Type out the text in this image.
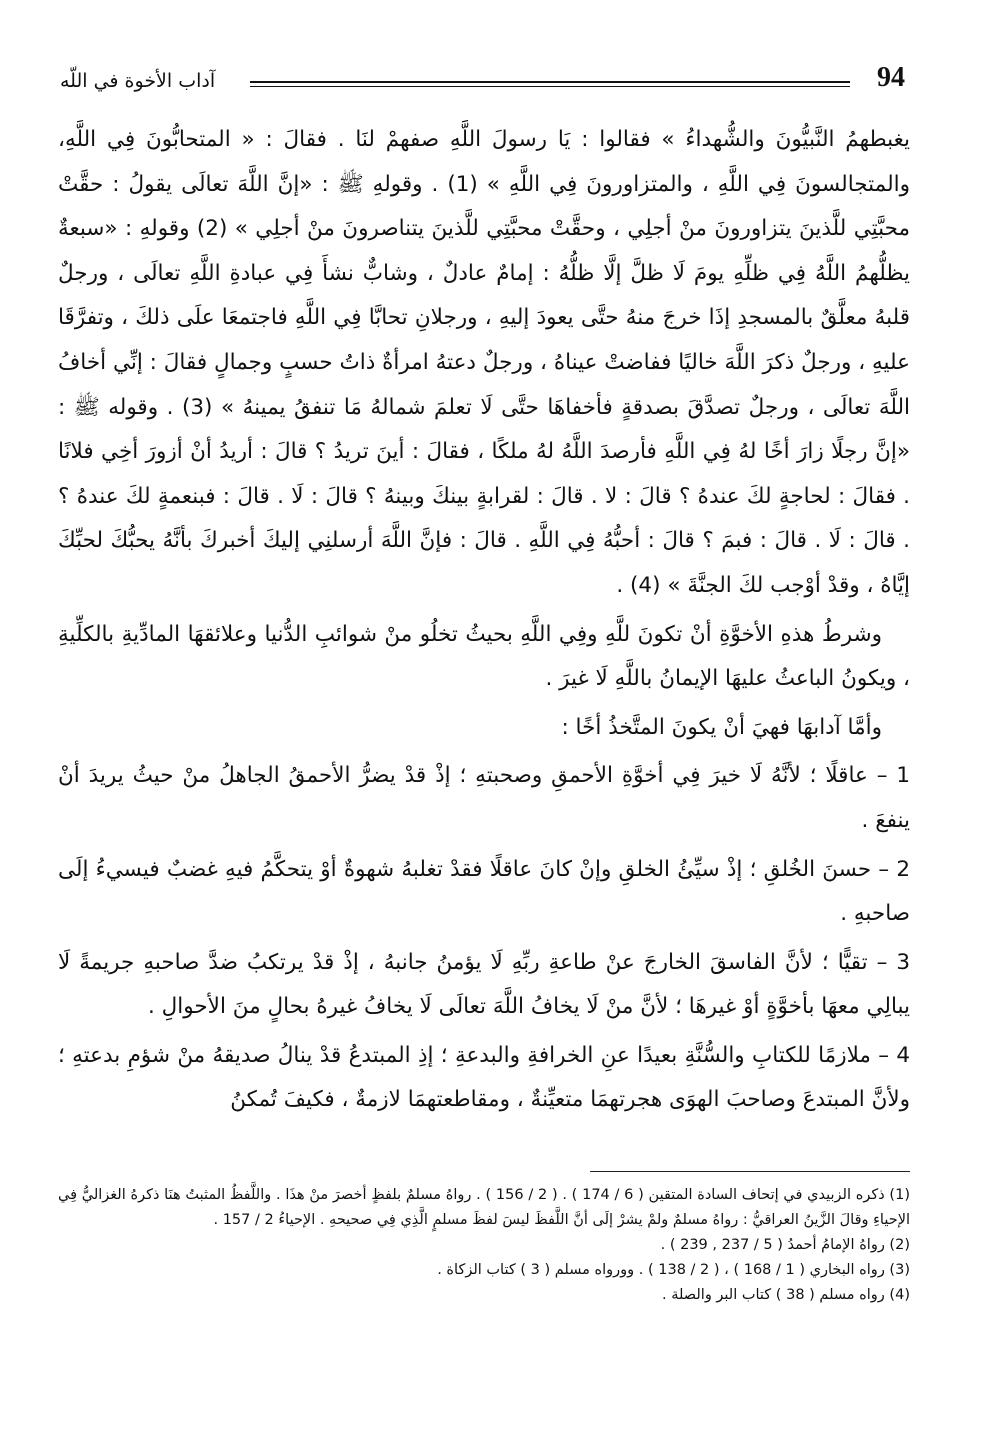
94
آداب الأخوة في اللّه

يغبطهمُ النَّبيُّونَ والشُّهداءُ » فقالوا : يَا رسولَ اللَّهِ صفهمْ لنَا . فقالَ : « المتحابُّونَ فِي اللَّهِ، والمتجالسونَ فِي اللَّهِ ، والمتزاورونَ فِي اللَّهِ » (1) . وقولهِ ﷺ : «إنَّ اللَّهَ تعالَى يقولُ : حقَّتْ محبَّتِي للَّذينَ يتزاورونَ منْ أجلِي ، وحقَّتْ محبَّتِي للَّذينَ يتناصرونَ منْ أجلِي » (2) وقولهِ : «سبعةٌ يظلُّهمُ اللَّهُ فِي ظلِّهِ يومَ لَا ظلَّ إلَّا ظلُّهُ : إمامٌ عادلٌ ، وشابٌّ نشأَ فِي عبادةِ اللَّهِ تعالَى ، ورجلٌ قلبهُ معلَّقٌ بالمسجدِ إذَا خرجَ منهُ حتَّى يعودَ إليهِ ، ورجلانِ تحابَّا فِي اللَّهِ فاجتمعَا علَى ذلكَ ، وتفرَّقَا عليهِ ، ورجلٌ ذكرَ اللَّهَ خاليًا ففاضتْ عيناهُ ، ورجلٌ دعتهُ امرأةٌ ذاتُ حسبٍ وجمالٍ فقالَ : إنِّي أخافُ اللَّهَ تعالَى ، ورجلٌ تصدَّقَ بصدقةٍ فأخفاهَا حتَّى لَا تعلمَ شمالهُ مَا تنفقُ يمينهُ » (3) . وقوله ﷺ : «إنَّ رجلًا زارَ أخًا لهُ فِي اللَّهِ فأرصدَ اللَّهُ لهُ ملكًا ، فقالَ : أينَ تريدُ ؟ قالَ : أريدُ أنْ أزورَ أخِي فلانًا . فقالَ : لحاجةٍ لكَ عندهُ ؟ قالَ : لا . قالَ : لقرابةٍ بينكَ وبينهُ ؟ قالَ : لَا . قالَ : فبنعمةٍ لكَ عندهُ ؟ . قالَ : لَا . قالَ : فبمَ ؟ قالَ : أحبُّهُ فِي اللَّهِ . قالَ : فإنَّ اللَّهَ أرسلنِي إليكَ أخبركَ بأنَّهُ يحبُّكَ لحبِّكَ إيَّاهُ ، وقدْ أوْجب لكَ الجنَّةَ » (4) .

وشرطُ هذهِ الأخوَّةِ أنْ تكونَ للَّهِ وفِي اللَّهِ بحيثُ تخلُو منْ شوائبِ الدُّنيا وعلائقهَا المادِّيةِ بالكلِّيةِ ، ويكونُ الباعثُ عليهَا الإيمانُ باللَّهِ لَا غيرَ .

وأمَّا آدابهَا فهيَ أنْ يكونَ المتَّخذُ أخًا :

1 – عاقلًا ؛ لأنَّهُ لَا خيرَ فِي أخوَّةِ الأحمقِ وصحبتهِ ؛ إذْ قدْ يضرُّ الأحمقُ الجاهلُ منْ حيثُ يريدَ أنْ ينفعَ .

2 – حسنَ الخُلقِ ؛ إذْ سيِّئُ الخلقِ وإنْ كانَ عاقلًا فقدْ تغلبهُ شهوةٌ أوْ يتحكَّمُ فيهِ غضبٌ فيسيءُ إلَى صاحبهِ .

3 – تقيًّا ؛ لأنَّ الفاسقَ الخارجَ عنْ طاعةِ ربِّهِ لَا يؤمنُ جانبهُ ، إذْ قدْ يرتكبُ ضدَّ صاحبهِ جريمةً لَا يبالِي معهَا بأخوَّةٍ أوْ غيرهَا ؛ لأنَّ منْ لَا يخافُ اللَّهَ تعالَى لَا يخافُ غيرهُ بحالٍ منَ الأحوالِ .

4 – ملازمًا للكتابِ والسُّنَّةِ بعيدًا عنِ الخرافةِ والبدعةِ ؛ إذِ المبتدعُ قدْ ينالُ صديقهُ منْ شؤمِ بدعتهِ ؛ ولأنَّ المبتدعَ وصاحبَ الهوَى هجرتهمَا متعيِّنةٌ ، ومقاطعتهمَا لازمةٌ ، فكيفَ تُمكنُ

(1) ذكره الزبيدي في إتحاف السادة المتقين ( 6 / 174 ) . ( 2 / 156 ) . رواهُ مسلمٌ بلفظٍ أخصرَ منْ هذَا . واللَّفظُ المثبتُ هنَا ذكرهُ الغزاليُّ فِي الإحياءِ وقالَ الزَّينُ العراقيُّ : رواهُ مسلمٌ ولمْ يشرْ إلَى أنَّ اللَّفظَ ليسَ لفظَ مسلمٍ الَّذِي فِي صحيحهِ . الإحياءُ 2 / 157 .

(2) رواهُ الإمامُ أحمدُ ( 5 / 237 , 239 ) .

(3) رواه البخاري ( 1 / 168 ) ، ( 2 / 138 ) . وورواه مسلم ( 3 ) كتاب الزكاة .

(4) رواه مسلم ( 38 ) كتاب البر والصلة .
